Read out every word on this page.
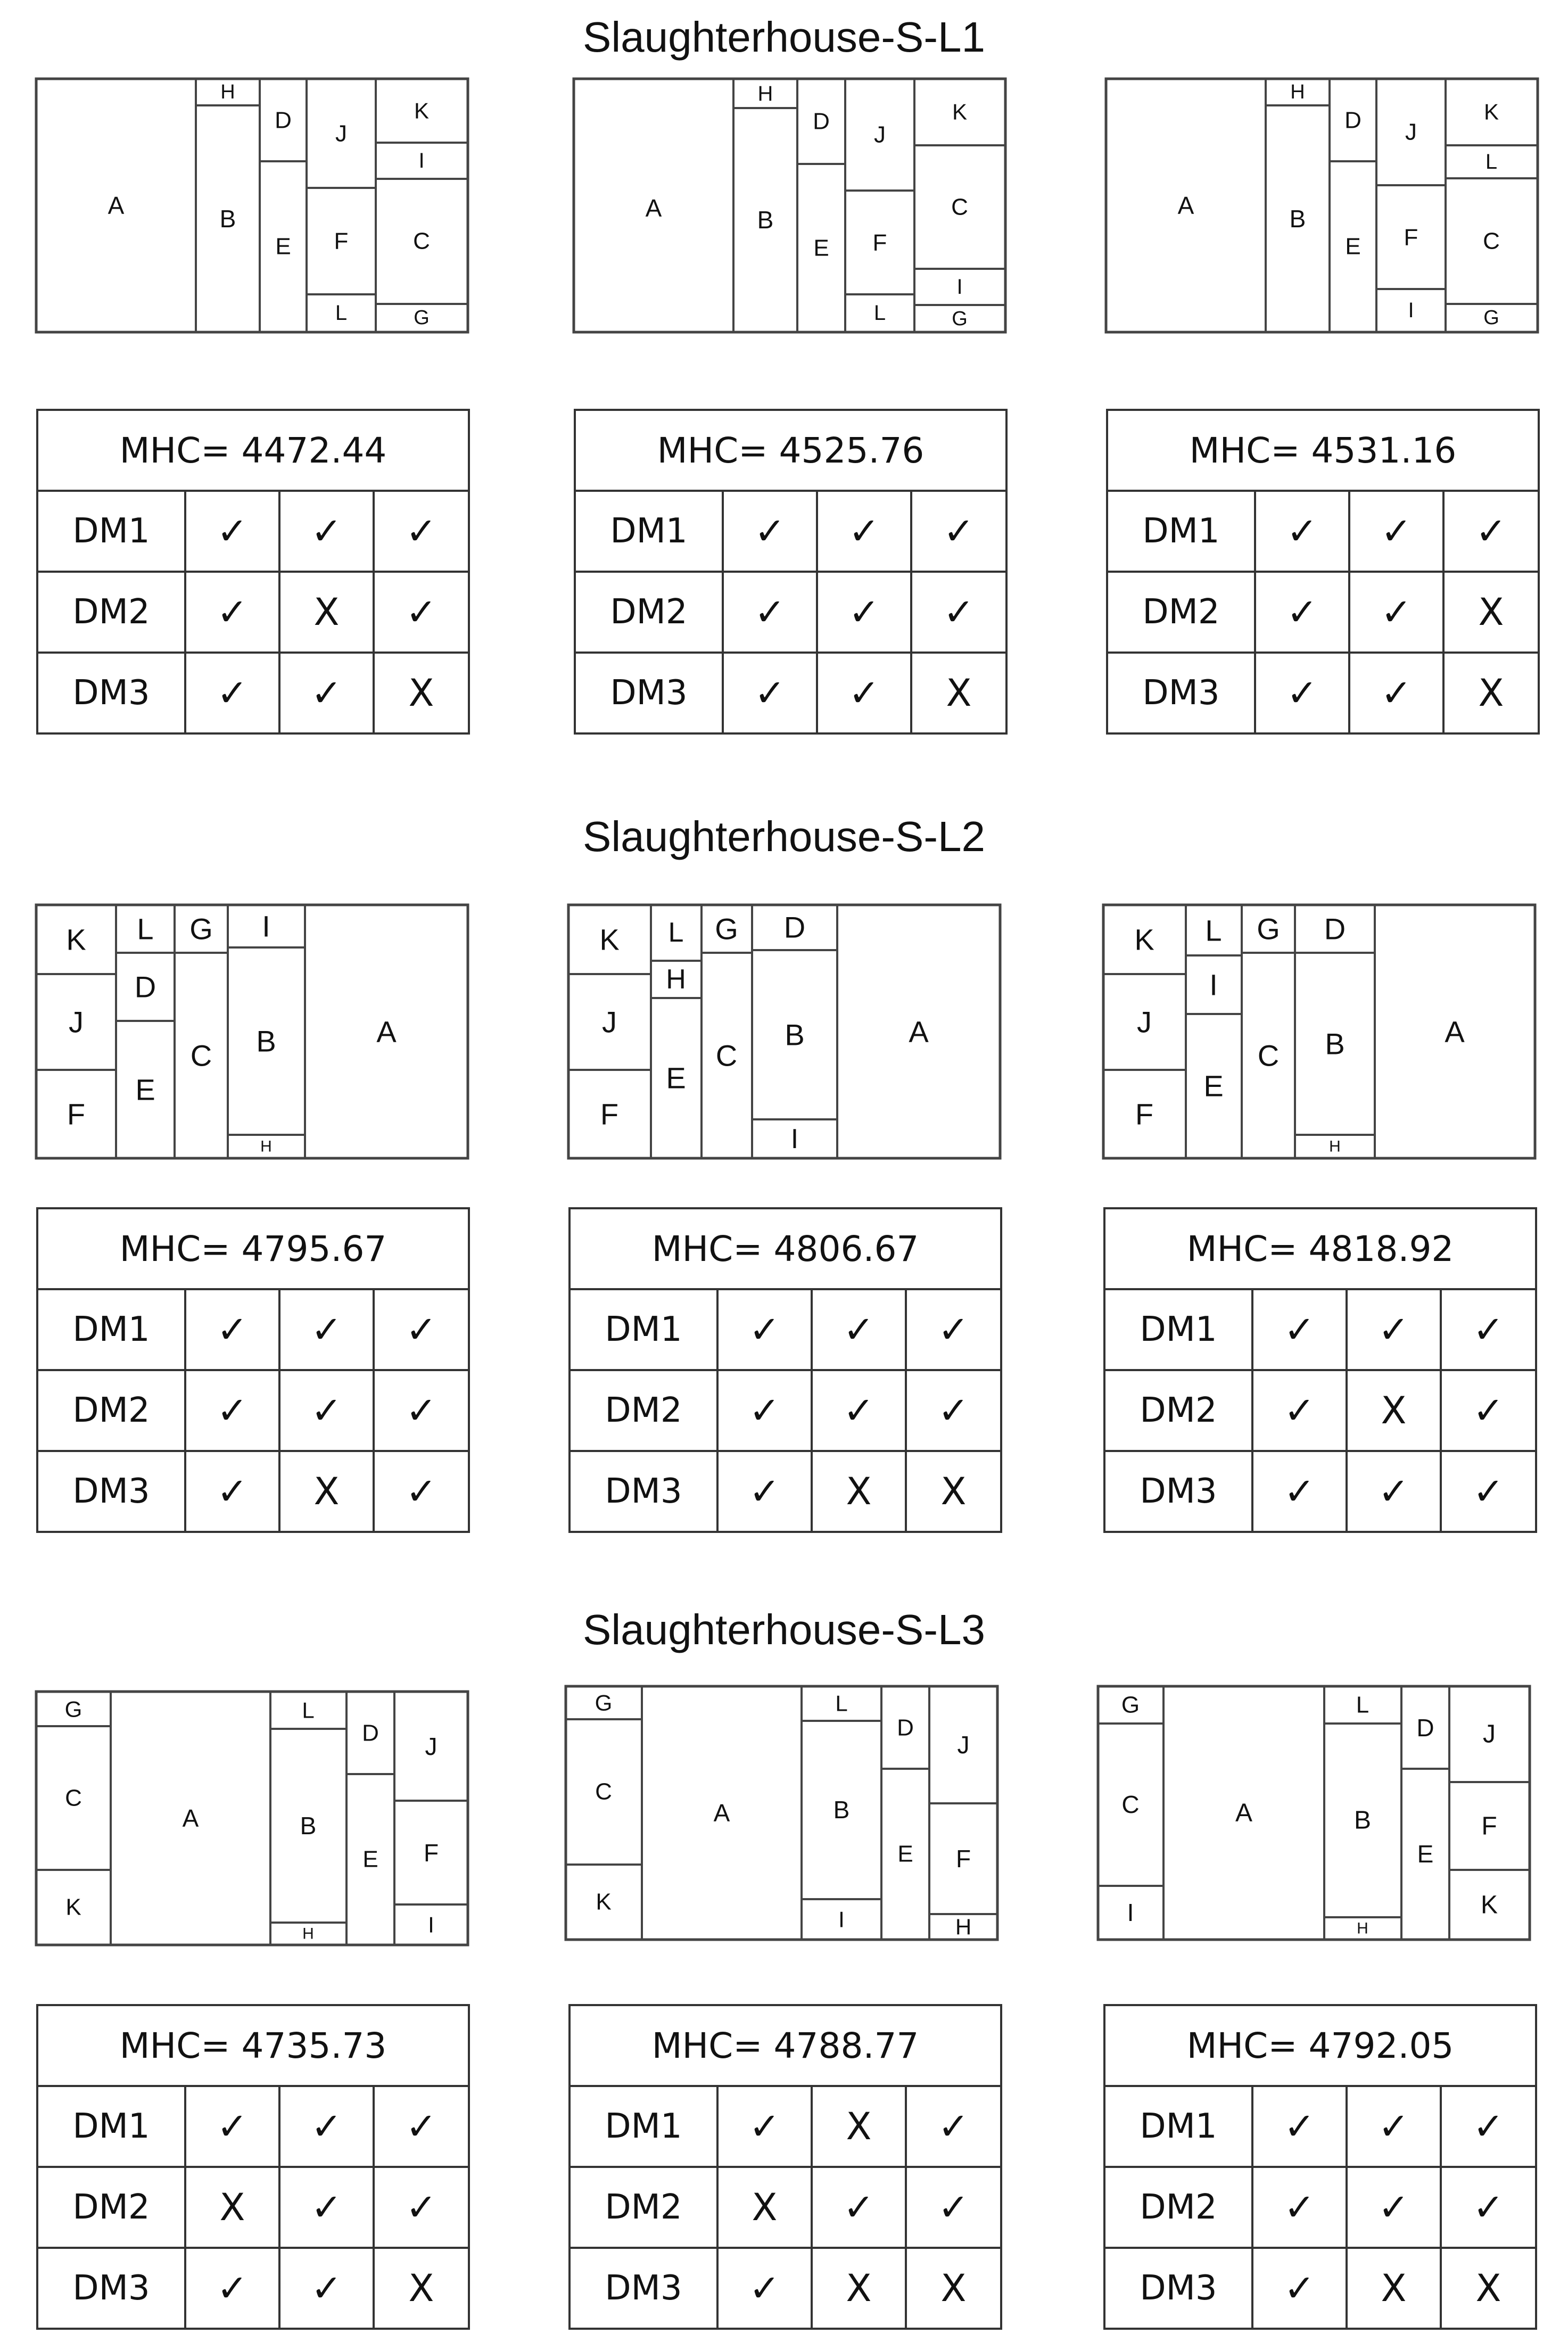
Slaughterhouse-S-L1
A
H
B
D
E
J
F
L
K
I
C
G
A
H
B
D
E
J
F
L
K
C
I
G
A
H
B
D
E
J
F
I
K
L
C
G
MHC= 4472.44			
DM1	✓	✓	✓
DM2	✓	X	✓
DM3	✓	✓	X
MHC= 4525.76			
DM1	✓	✓	✓
DM2	✓	✓	✓
DM3	✓	✓	X
MHC= 4531.16			
DM1	✓	✓	✓
DM2	✓	✓	X
DM3	✓	✓	X
Slaughterhouse-S-L2
K
J
F
L
D
E
G
C
I
B
H
A
K
J
F
L
H
E
G
C
D
B
I
A
K
J
F
L
I
E
G
C
D
B
H
A
MHC= 4795.67			
DM1	✓	✓	✓
DM2	✓	✓	✓
DM3	✓	X	✓
MHC= 4806.67			
DM1	✓	✓	✓
DM2	✓	✓	✓
DM3	✓	X	X
MHC= 4818.92			
DM1	✓	✓	✓
DM2	✓	X	✓
DM3	✓	✓	✓
Slaughterhouse-S-L3
G
C
K
A
L
B
H
D
E
J
F
I
G
C
K
A
L
B
I
D
E
J
F
H
G
C
I
A
L
B
H
D
E
J
F
K
MHC= 4735.73			
DM1	✓	✓	✓
DM2	X	✓	✓
DM3	✓	✓	X
MHC= 4788.77			
DM1	✓	X	✓
DM2	X	✓	✓
DM3	✓	X	X
MHC= 4792.05			
DM1	✓	✓	✓
DM2	✓	✓	✓
DM3	✓	X	X
